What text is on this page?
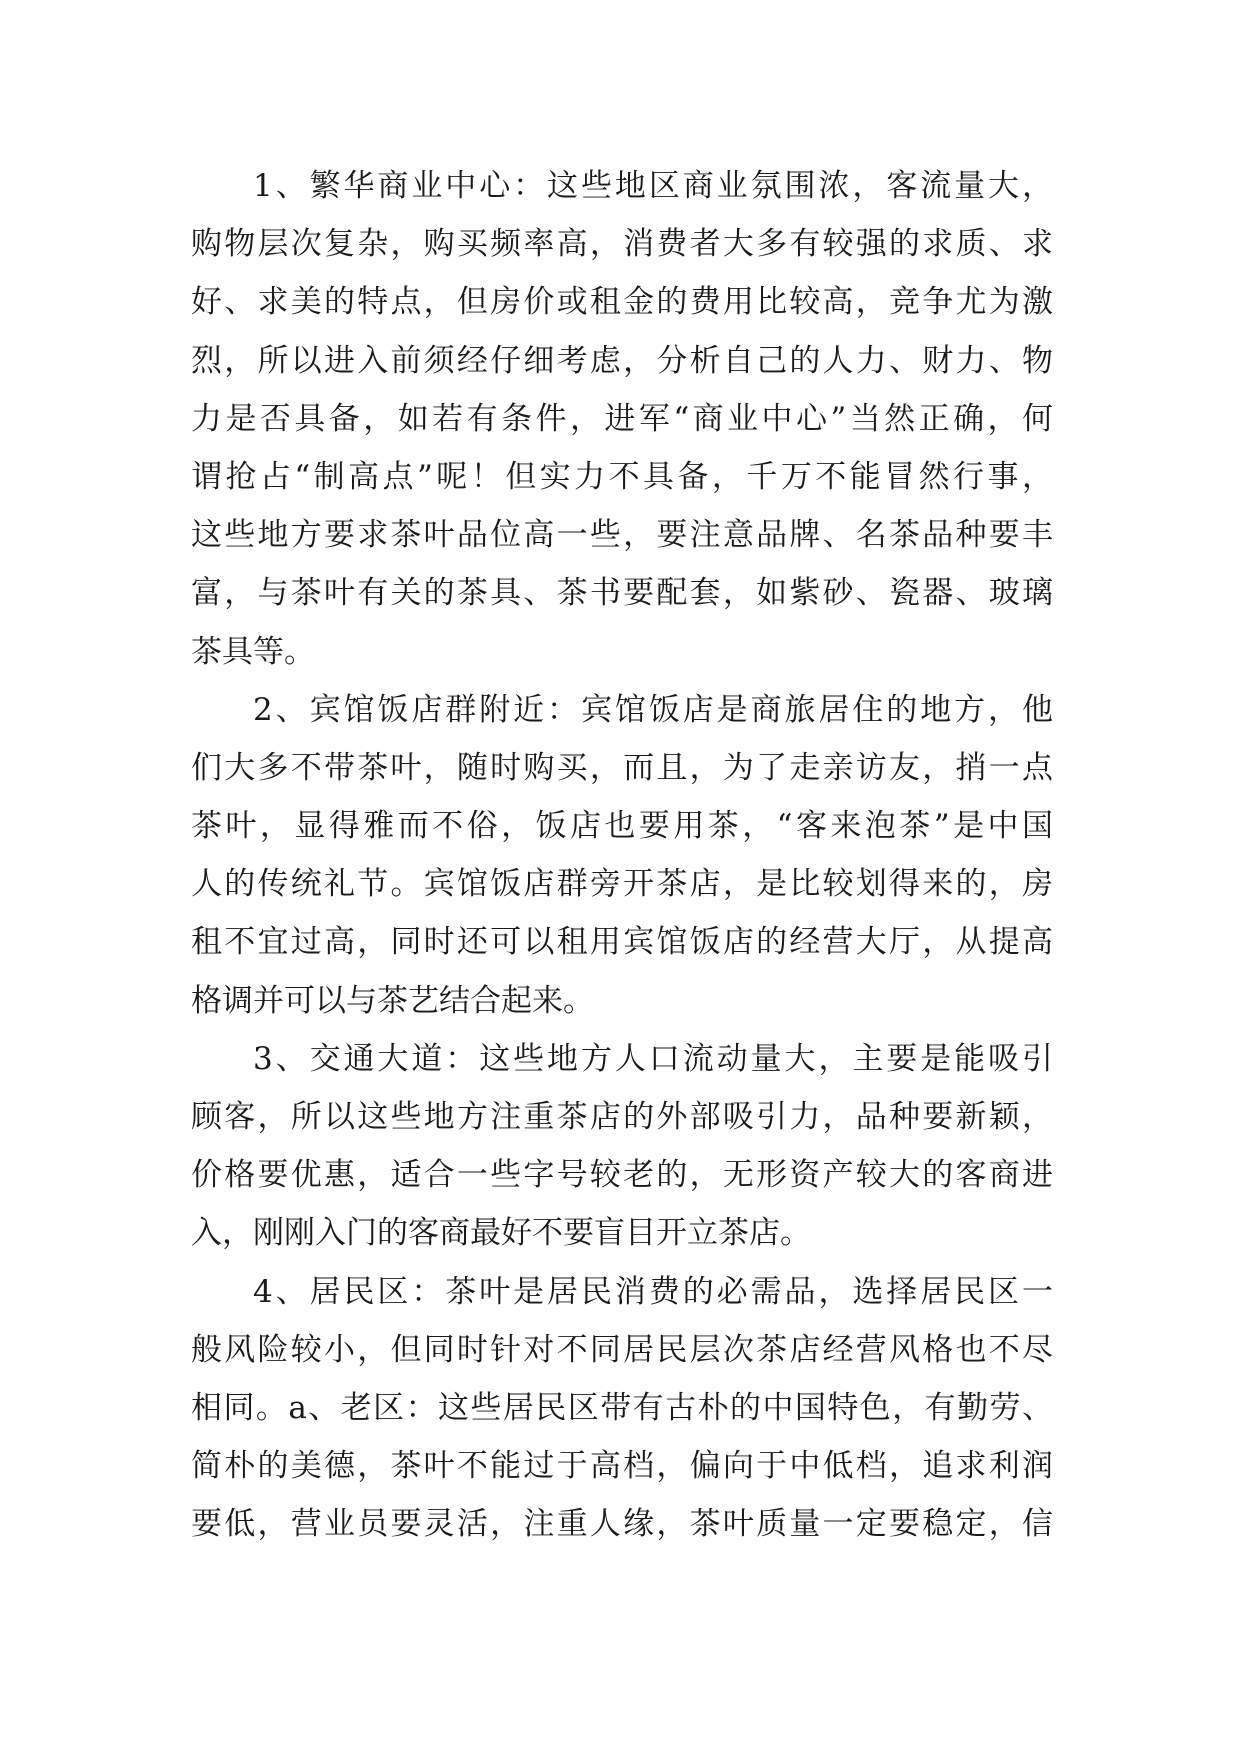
1、繁华商业中心：这些地区商业氛围浓，客流量大，
购物层次复杂，购买频率高，消费者大多有较强的求质、求
好、求美的特点，但房价或租金的费用比较高，竞争尤为激
烈，所以进入前须经仔细考虑，分析自己的人力、财力、物
力是否具备，如若有条件，进军“商业中心”当然正确，何
谓抢占“制高点”呢！但实力不具备，千万不能冒然行事，
这些地方要求茶叶品位高一些，要注意品牌、名茶品种要丰
富，与茶叶有关的茶具、茶书要配套，如紫砂、瓷器、玻璃
茶具等。
2、宾馆饭店群附近：宾馆饭店是商旅居住的地方，他
们大多不带茶叶，随时购买，而且，为了走亲访友，捎一点
茶叶，显得雅而不俗，饭店也要用茶，“客来泡茶”是中国
人的传统礼节。宾馆饭店群旁开茶店，是比较划得来的，房
租不宜过高，同时还可以租用宾馆饭店的经营大厅，从提高
格调并可以与茶艺结合起来。
3、交通大道：这些地方人口流动量大，主要是能吸引
顾客，所以这些地方注重茶店的外部吸引力，品种要新颖，
价格要优惠，适合一些字号较老的，无形资产较大的客商进
入，刚刚入门的客商最好不要盲目开立茶店。
4、居民区：茶叶是居民消费的必需品，选择居民区一
般风险较小，但同时针对不同居民层次茶店经营风格也不尽
相同。a、老区：这些居民区带有古朴的中国特色，有勤劳、
简朴的美德，茶叶不能过于高档，偏向于中低档，追求利润
要低，营业员要灵活，注重人缘，茶叶质量一定要稳定，信
